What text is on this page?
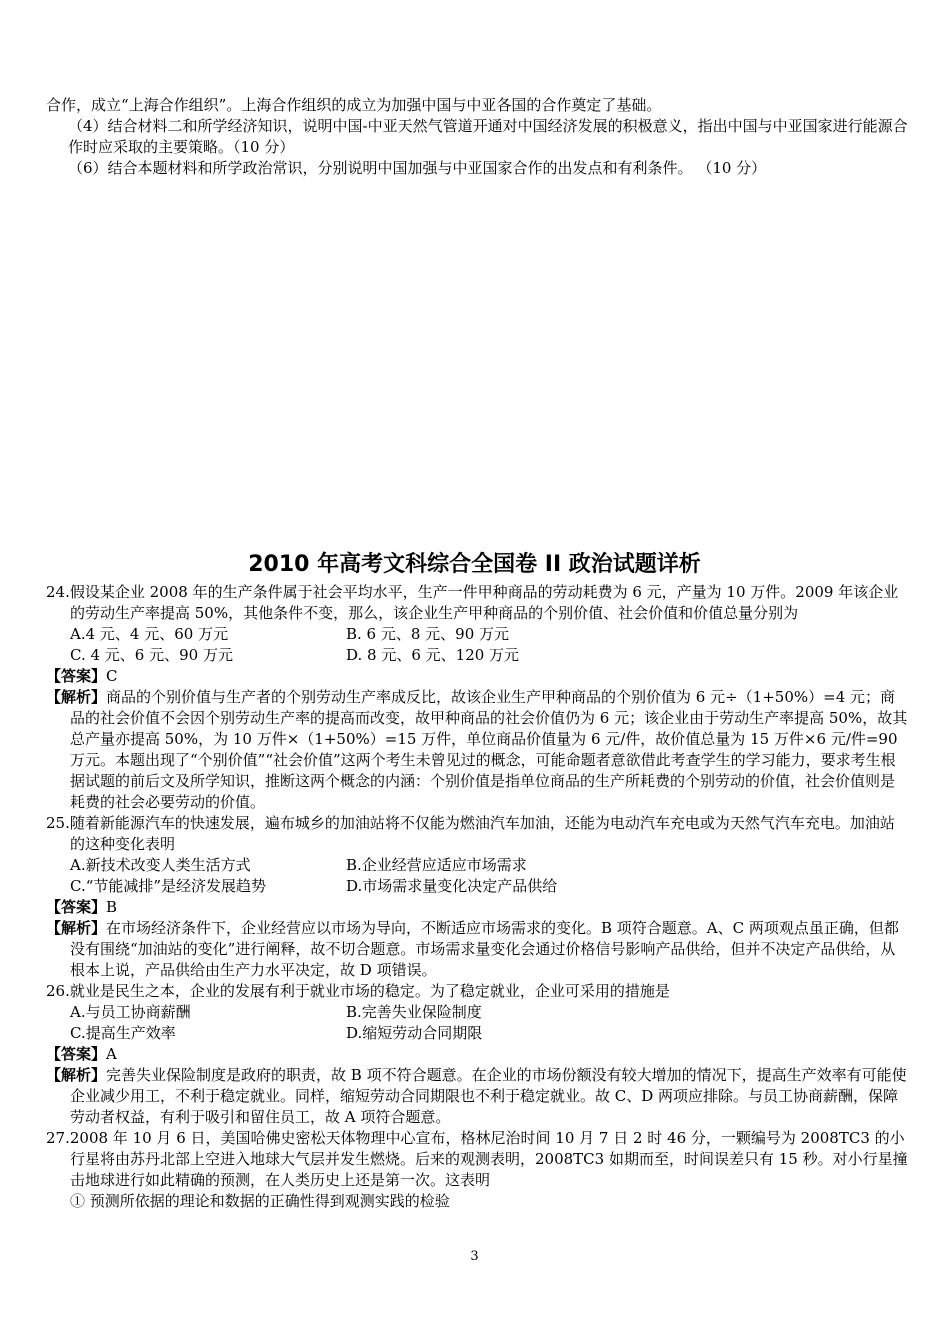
合作，成立“上海合作组织”。上海合作组织的成立为加强中国与中亚各国的合作奠定了基础。

（4）结合材料二和所学经济知识，说明中国-中亚天然气管道开通对中国经济发展的积极意义，指出中国与中亚国家进行能源合作时应采取的主要策略。（10 分）

（6）结合本题材料和所学政治常识，分别说明中国加强与中亚国家合作的出发点和有利条件。 （10 分）

2010 年高考文科综合全国卷 II 政治试题详析

24.假设某企业 2008 年的生产条件属于社会平均水平，生产一件甲种商品的劳动耗费为 6 元，产量为 10 万件。2009 年该企业的劳动生产率提高 50%，其他条件不变，那么，该企业生产甲种商品的个别价值、社会价值和价值总量分别为

A.4 元、4 元、60 万元	B. 6 元、8 元、90 万元
C. 4 元、6 元、90 万元	D. 8 元、6 元、120 万元

【答案】C

【解析】商品的个别价值与生产者的个别劳动生产率成反比，故该企业生产甲种商品的个别价值为 6 元÷（1+50%）=4 元；商品的社会价值不会因个别劳动生产率的提高而改变，故甲种商品的社会价值仍为 6 元；该企业由于劳动生产率提高 50%，故其总产量亦提高 50%，为 10 万件×（1+50%）=15 万件，单位商品价值量为 6 元/件，故价值总量为 15 万件×6 元/件=90 万元。本题出现了“个别价值”“社会价值”这两个考生未曾见过的概念，可能命题者意欲借此考查学生的学习能力，要求考生根据试题的前后文及所学知识，推断这两个概念的内涵：个别价值是指单位商品的生产所耗费的个别劳动的价值，社会价值则是耗费的社会必要劳动的价值。

25.随着新能源汽车的快速发展，遍布城乡的加油站将不仅能为燃油汽车加油，还能为电动汽车充电或为天然气汽车充电。加油站的这种变化表明

A.新技术改变人类生活方式	B.企业经营应适应市场需求
C.“节能减排”是经济发展趋势	D.市场需求量变化决定产品供给

【答案】B

【解析】在市场经济条件下，企业经营应以市场为导向，不断适应市场需求的变化。B 项符合题意。A、C 两项观点虽正确，但都没有围绕“加油站的变化”进行阐释，故不切合题意。市场需求量变化会通过价格信号影响产品供给，但并不决定产品供给，从根本上说，产品供给由生产力水平决定，故 D 项错误。

26.就业是民生之本，企业的发展有利于就业市场的稳定。为了稳定就业，企业可采用的措施是

A.与员工协商薪酬	B.完善失业保险制度
C.提高生产效率	D.缩短劳动合同期限

【答案】A

【解析】完善失业保险制度是政府的职责，故 B 项不符合题意。在企业的市场份额没有较大增加的情况下，提高生产效率有可能使企业减少用工，不利于稳定就业。同样，缩短劳动合同期限也不利于稳定就业。故 C、D 两项应排除。与员工协商薪酬，保障劳动者权益，有利于吸引和留住员工，故 A 项符合题意。

27.2008 年 10 月 6 日，美国哈佛史密松天体物理中心宣布，格林尼治时间 10 月 7 日 2 时 46 分，一颗编号为 2008TC3 的小行星将由苏丹北部上空进入地球大气层并发生燃烧。后来的观测表明，2008TC3 如期而至，时间误差只有 15 秒。对小行星撞击地球进行如此精确的预测，在人类历史上还是第一次。这表明

① 预测所依据的理论和数据的正确性得到观测实践的检验

3
